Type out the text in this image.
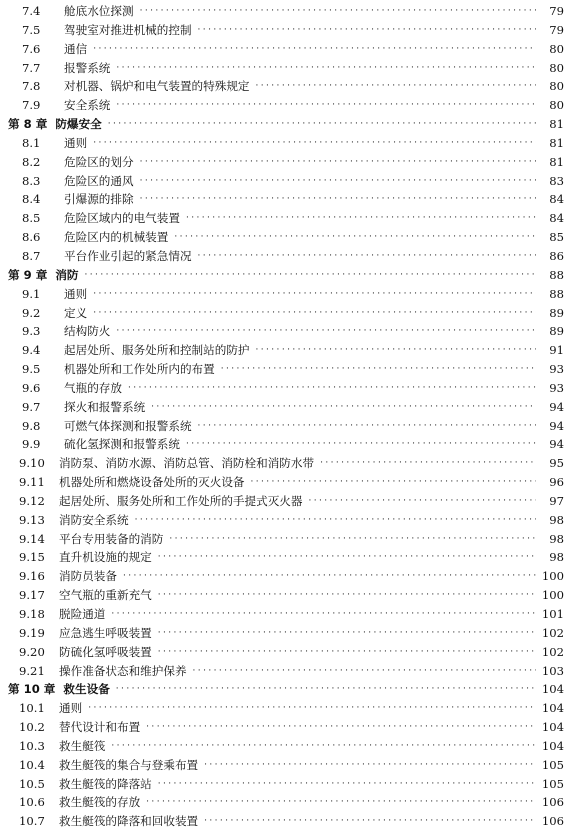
7.4	舱底水位探测 ·····	79
7.5	驾驶室对推进机械的控制 ·····	79
7.6	通信 ·····	80
7.7	报警系统 ·····	80
7.8	对机器、锅炉和电气装置的特殊规定 ·····	80
7.9	安全系统 ·····	80
第 8 章 防爆安全 ·····	81
8.1	通则 ·····	81
8.2	危险区的划分 ·····	81
8.3	危险区的通风 ·····	83
8.4	引爆源的排除 ·····	84
8.5	危险区域内的电气装置 ·····	84
8.6	危险区内的机械装置 ·····	85
8.7	平台作业引起的紧急情况 ·····	86
第 9 章 消防 ·····	88
9.1	通则 ·····	88
9.2	定义 ·····	89
9.3	结构防火 ·····	89
9.4	起居处所、服务处所和控制站的防护 ·····	91
9.5	机器处所和工作处所内的布置 ·····	93
9.6	气瓶的存放 ·····	93
9.7	探火和报警系统 ·····	94
9.8	可燃气体探测和报警系统 ·····	94
9.9	硫化氢探测和报警系统 ·····	94
9.10	消防泵、消防水源、消防总管、消防栓和消防水带 ·····	95
9.11	机器处所和燃烧设备处所的灭火设备 ·····	96
9.12	起居处所、服务处所和工作处所的手提式灭火器 ·····	97
9.13	消防安全系统 ·····	98
9.14	平台专用装备的消防 ·····	98
9.15	直升机设施的规定 ·····	98
9.16	消防员装备 ·····	100
9.17	空气瓶的重新充气 ·····	100
9.18	脱险通道 ·····	101
9.19	应急逃生呼吸装置 ·····	102
9.20	防硫化氢呼吸装置 ·····	102
9.21	操作准备状态和维护保养 ·····	103
第 10 章 救生设备 ·····	104
10.1	通则 ·····	104
10.2	替代设计和布置 ·····	104
10.3	救生艇筏 ·····	104
10.4	救生艇筏的集合与登乘布置 ·····	105
10.5	救生艇筏的降落站 ·····	105
10.6	救生艇筏的存放 ·····	106
10.7	救生艇筏的降落和回收装置 ·····	106
